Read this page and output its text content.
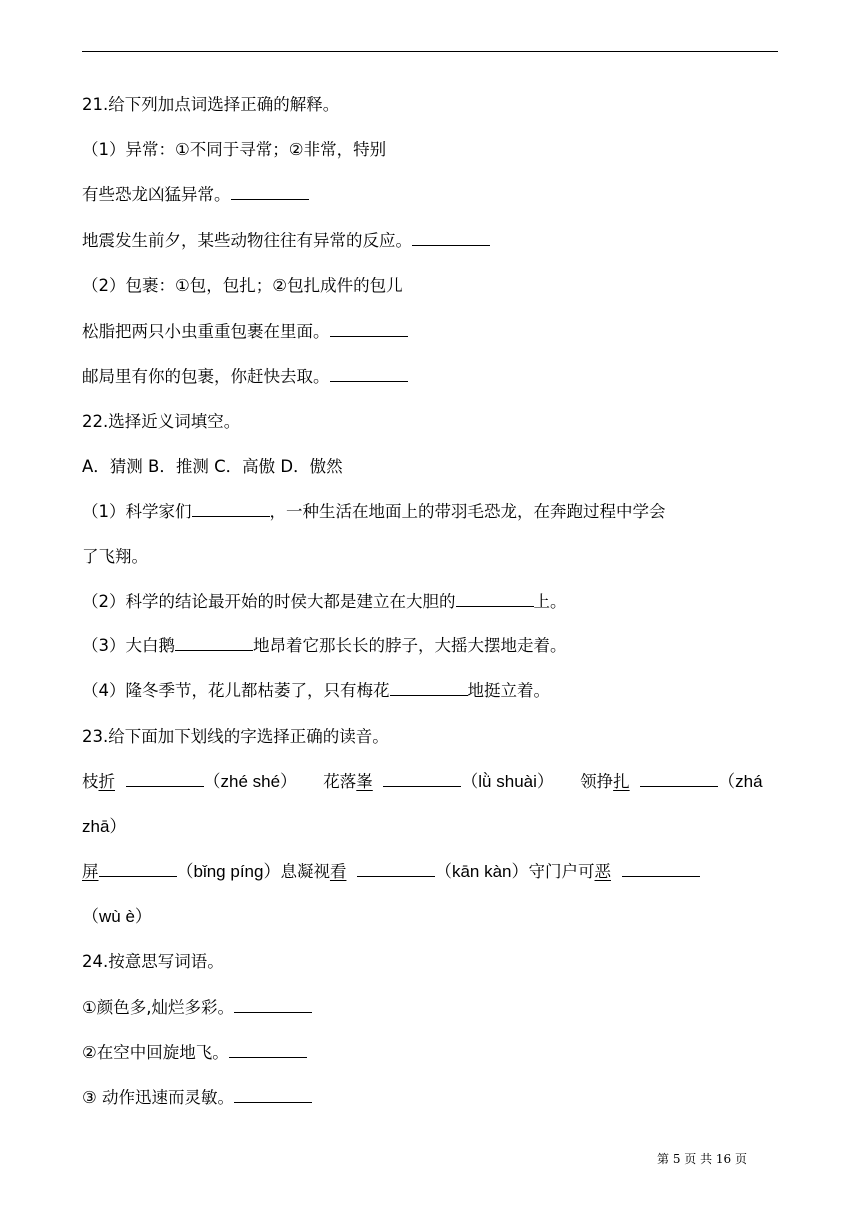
21.给下列加点词选择正确的解释。
（1）异常：①不同于寻常；②非常，特别
有些恐龙凶猛异常。
地震发生前夕，某些动物往往有异常的反应。
（2）包裹：①包，包扎；②包扎成件的包儿
松脂把两只小虫重重包裹在里面。
邮局里有你的包裹，你赶快去取。
22.选择近义词填空。
A．猜测 B．推测 C．高傲 D．傲然
（1）科学家们	，一种生活在地面上的带羽毛恐龙，在奔跑过程中学会
了飞翔。
（2）科学的结论最开始的时侯大都是建立在大胆的	上。
（3）大白鹅	地昂着它那长长的脖子，大摇大摆地走着。
（4）隆冬季节，花儿都枯萎了，只有梅花	地挺立着。
23.给下面加下划线的字选择正确的读音。
枝折	（zhé shé） 花落峯	（lǜ shuài） 领挣扎	（zhá
zhā）
屏	（bǐng píng）息凝视看	（kān kàn）守门户可恶
（wù è）
24.按意思写词语。
①颜色多,灿烂多彩。
②在空中回旋地飞。
③ 动作迅速而灵敏。
第 5 页 共 16 页
